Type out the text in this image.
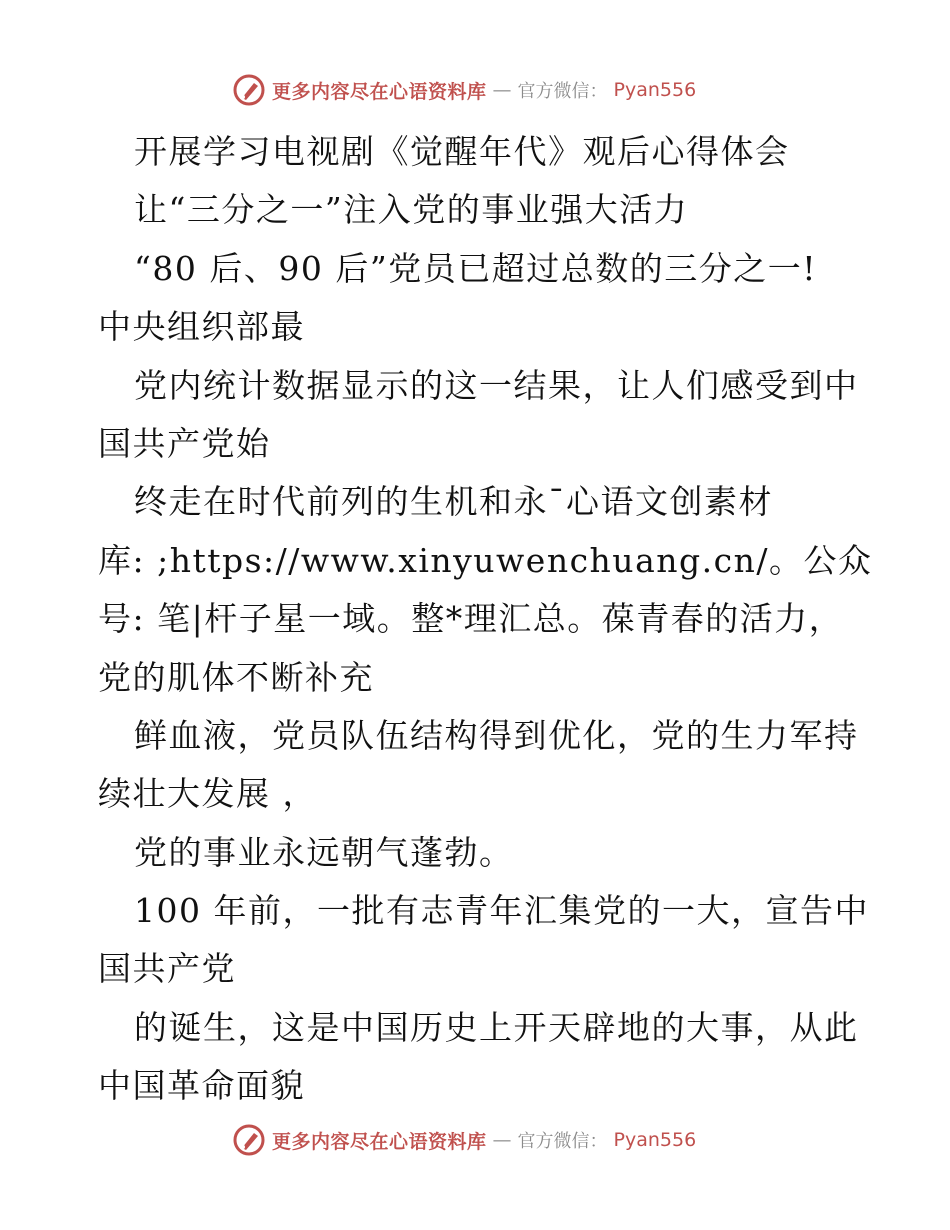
更多内容尽在心语资料库 — 官方微信： Pyan556
开展学习电视剧《觉醒年代》观后心得体会
让“三分之一”注入党的事业强大活力
“80 后、90 后”党员已超过总数的三分之一!
中央组织部最
党内统计数据显示的这一结果，让人们感受到中
国共产党始
终走在时代前列的生机和永¯心语文创素材
库: ;https://www.xinyuwenchuang.cn/。公众
号: 笔|杆子星一域。整*理汇总。葆青春的活力，
党的肌体不断补充
鲜血液，党员队伍结构得到优化，党的生力军持
续壮大发展 ，
党的事业永远朝气蓬勃。
100 年前，一批有志青年汇集党的一大，宣告中
国共产党
的诞生，这是中国历史上开天辟地的大事，从此
中国革命面貌
更多内容尽在心语资料库 — 官方微信： Pyan556
